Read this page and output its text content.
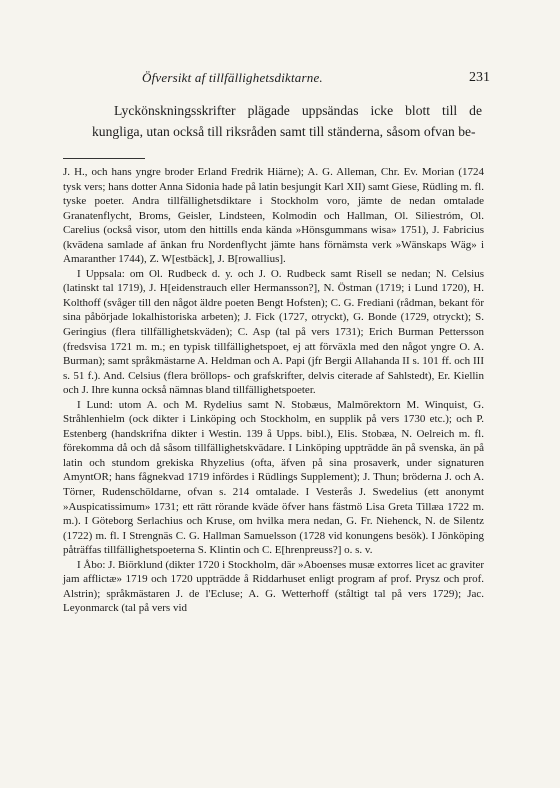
Öfversikt af tillfällighetsdiktarne.	231

Lyckönskningsskrifter plägade uppsändas icke blott till de kungliga, utan också till riksråden samt till ständerna, såsom ofvan be-

J. H., och hans yngre broder Erland Fredrik Hiärne); A. G. Alleman, Chr. Ev. Morian (1724 tysk vers; hans dotter Anna Sidonia hade på latin besjungit Karl XII) samt Giese, Rüdling m. fl. tyske poeter. Andra tillfällighetsdiktare i Stockholm voro, jämte de nedan omtalade Granatenflycht, Broms, Geisler, Lindsteen, Kolmodin och Hallman, Ol. Siliestróm, Ol. Carelius (också visor, utom den hittills enda kända »Hönsgummans wisa» 1751), J. Fabricius (kvädena samlade af änkan fru Nordenflycht jämte hans förnämsta verk »Wänskaps Wäg» i Amaranther 1744), Z. W[estbäck], J. B[rowallius].

I Uppsala: om Ol. Rudbeck d. y. och J. O. Rudbeck samt Risell se nedan; N. Celsius (latinskt tal 1719), J. H[eidenstrauch eller Hermansson?], N. Östman (1719; i Lund 1720), H. Kolthoff (svåger till den något äldre poeten Bengt Hofsten); C. G. Frediani (rådman, bekant för sina påbörjade lokalhistoriska arbeten); J. Fick (1727, otryckt), G. Bonde (1729, otryckt); S. Geringius (flera tillfällighetskväden); C. Asp (tal på vers 1731); Erich Burman Pettersson (fredsvisa 1721 m. m.; en typisk tillfällighetspoet, ej att förväxla med den något yngre O. A. Burman); samt språkmästarne A. Heldman och A. Papi (jfr Bergii Allahanda II s. 101 ff. och III s. 51 f.). And. Celsius (flera bröllops- och grafskrifter, delvis citerade af Sahlstedt), Er. Kiellin och J. Ihre kunna också nämnas bland tillfällighetspoeter.

I Lund: utom A. och M. Rydelius samt N. Stobæus, Malmörektorn M. Winquist, G. Stråhlenhielm (ock dikter i Linköping och Stockholm, en supplik på vers 1730 etc.); och P. Estenberg (handskrifna dikter i Westin. 139 å Upps. bibl.), Elis. Stobæa, N. Oelreich m. fl. förekomma då och då såsom tillfällighetskvädare. I Linköping uppträdde än på svenska, än på latin och stundom grekiska Rhyzelius (ofta, äfven på sina prosaverk, under signaturen AmyntOR; hans fågnekvad 1719 infördes i Rüdlings Supplement); J. Thun; bröderna J. och A. Törner, Rudenschöldarne, ofvan s. 214 omtalade. I Vesterås J. Swedelius (ett anonymt »Auspicatissimum» 1731; ett rätt rörande kväde öfver hans fästmö Lisa Greta Tillæa 1722 m. m.). I Göteborg Serlachius och Kruse, om hvilka mera nedan, G. Fr. Niehenck, N. de Silentz (1722) m. fl. I Strengnäs C. G. Hallman Samuelsson (1728 vid konungens besök). I Jönköping påträffas tillfällighetspoeterna S. Klintin och C. E[hrenpreuss?] o. s. v.

I Åbo: J. Biörklund (dikter 1720 i Stockholm, där »Aboenses musæ extorres licet ac graviter jam afflictæ» 1719 och 1720 uppträdde å Riddarhuset enligt program af prof. Prysz och prof. Alstrin); språkmästaren J. de l'Ecluse; A. G. Wetterhoff (ståltigt tal på vers 1729); Jac. Leyonmarck (tal på vers vid
